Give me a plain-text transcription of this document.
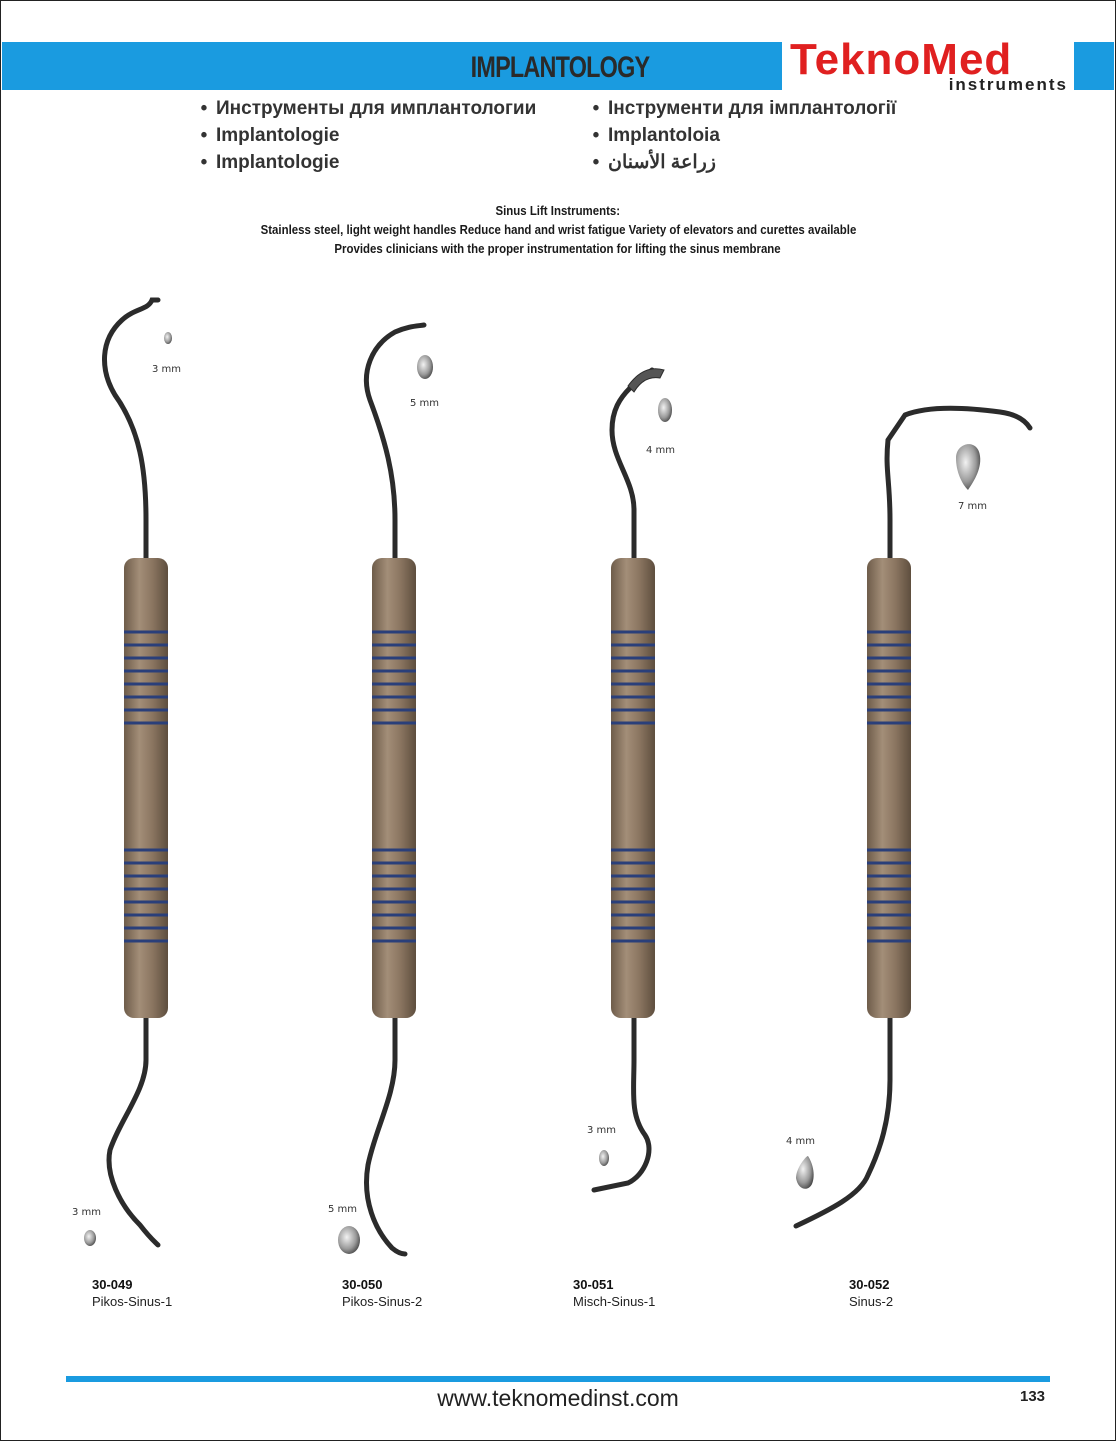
IMPLANTOLOGY	TeknoMed
instruments
• Инструменты для имплантологии
• Implantologie
• Implantologie
• Інструменти для імплантології
• Implantoloia
• زراعة الأسنان
Sinus Lift Instruments:
Stainless steel, light weight handles Reduce hand and wrist fatigue Variety of elevators and curettes available
Provides clinicians with the proper instrumentation for lifting the sinus membrane
3 mm
3 mm
5 mm
5 mm
4 mm
3 mm
7 mm
4 mm
30-049
Pikos-Sinus-1
30-050
Pikos-Sinus-2
30-051
Misch-Sinus-1
30-052
Sinus-2
www.teknomedinst.com	133
